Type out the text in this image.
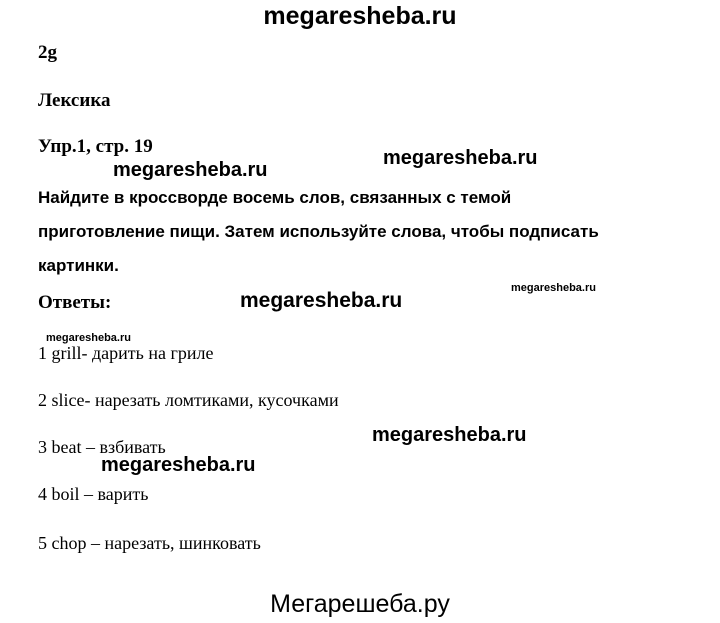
megaresheba.ru
2g
Лексика
Упр.1, стр. 19
Найдите в кроссворде восемь слов, связанных с темой
приготовление пищи. Затем используйте слова, чтобы подписать
картинки.
Ответы:
1 grill- дарить на гриле
2 slice- нарезать ломтиками, кусочками
3 beat – взбивать
4 boil – варить
5 chop – нарезать, шинковать
megaresheba.ru
megaresheba.ru
megaresheba.ru
megaresheba.ru
megaresheba.ru
megaresheba.ru
megaresheba.ru
Мегарешеба.ру
